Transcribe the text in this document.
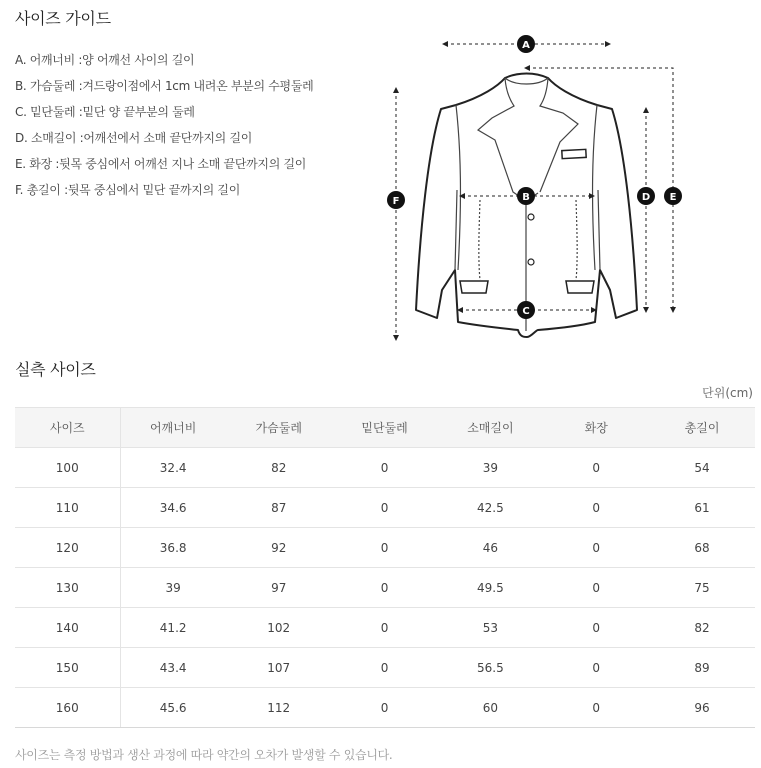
사이즈 가이드
A. 어깨너비 :양 어깨선 사이의 길이
B. 가슴둘레 :겨드랑이점에서 1cm 내려온 부분의 수평둘레
C. 밑단둘레 :밑단 양 끝부분의 둘레
D. 소매길이 :어깨선에서 소매 끝단까지의 길이
E. 화장 :뒷목 중심에서 어깨선 지나 소매 끝단까지의 길이
F. 총길이 :뒷목 중심에서 밑단 끝까지의 길이
A
B
C
D E
F
실측 사이즈
단위(cm)
사이즈	어깨너비	가슴둘레	밑단둘레	소매길이	화장	총길이
100	32.4	82	0	39	0	54
110	34.6	87	0	42.5	0	61
120	36.8	92	0	46	0	68
130	39	97	0	49.5	0	75
140	41.2	102	0	53	0	82
150	43.4	107	0	56.5	0	89
160	45.6	112	0	60	0	96
사이즈는 측정 방법과 생산 과정에 따라 약간의 오차가 발생할 수 있습니다.
